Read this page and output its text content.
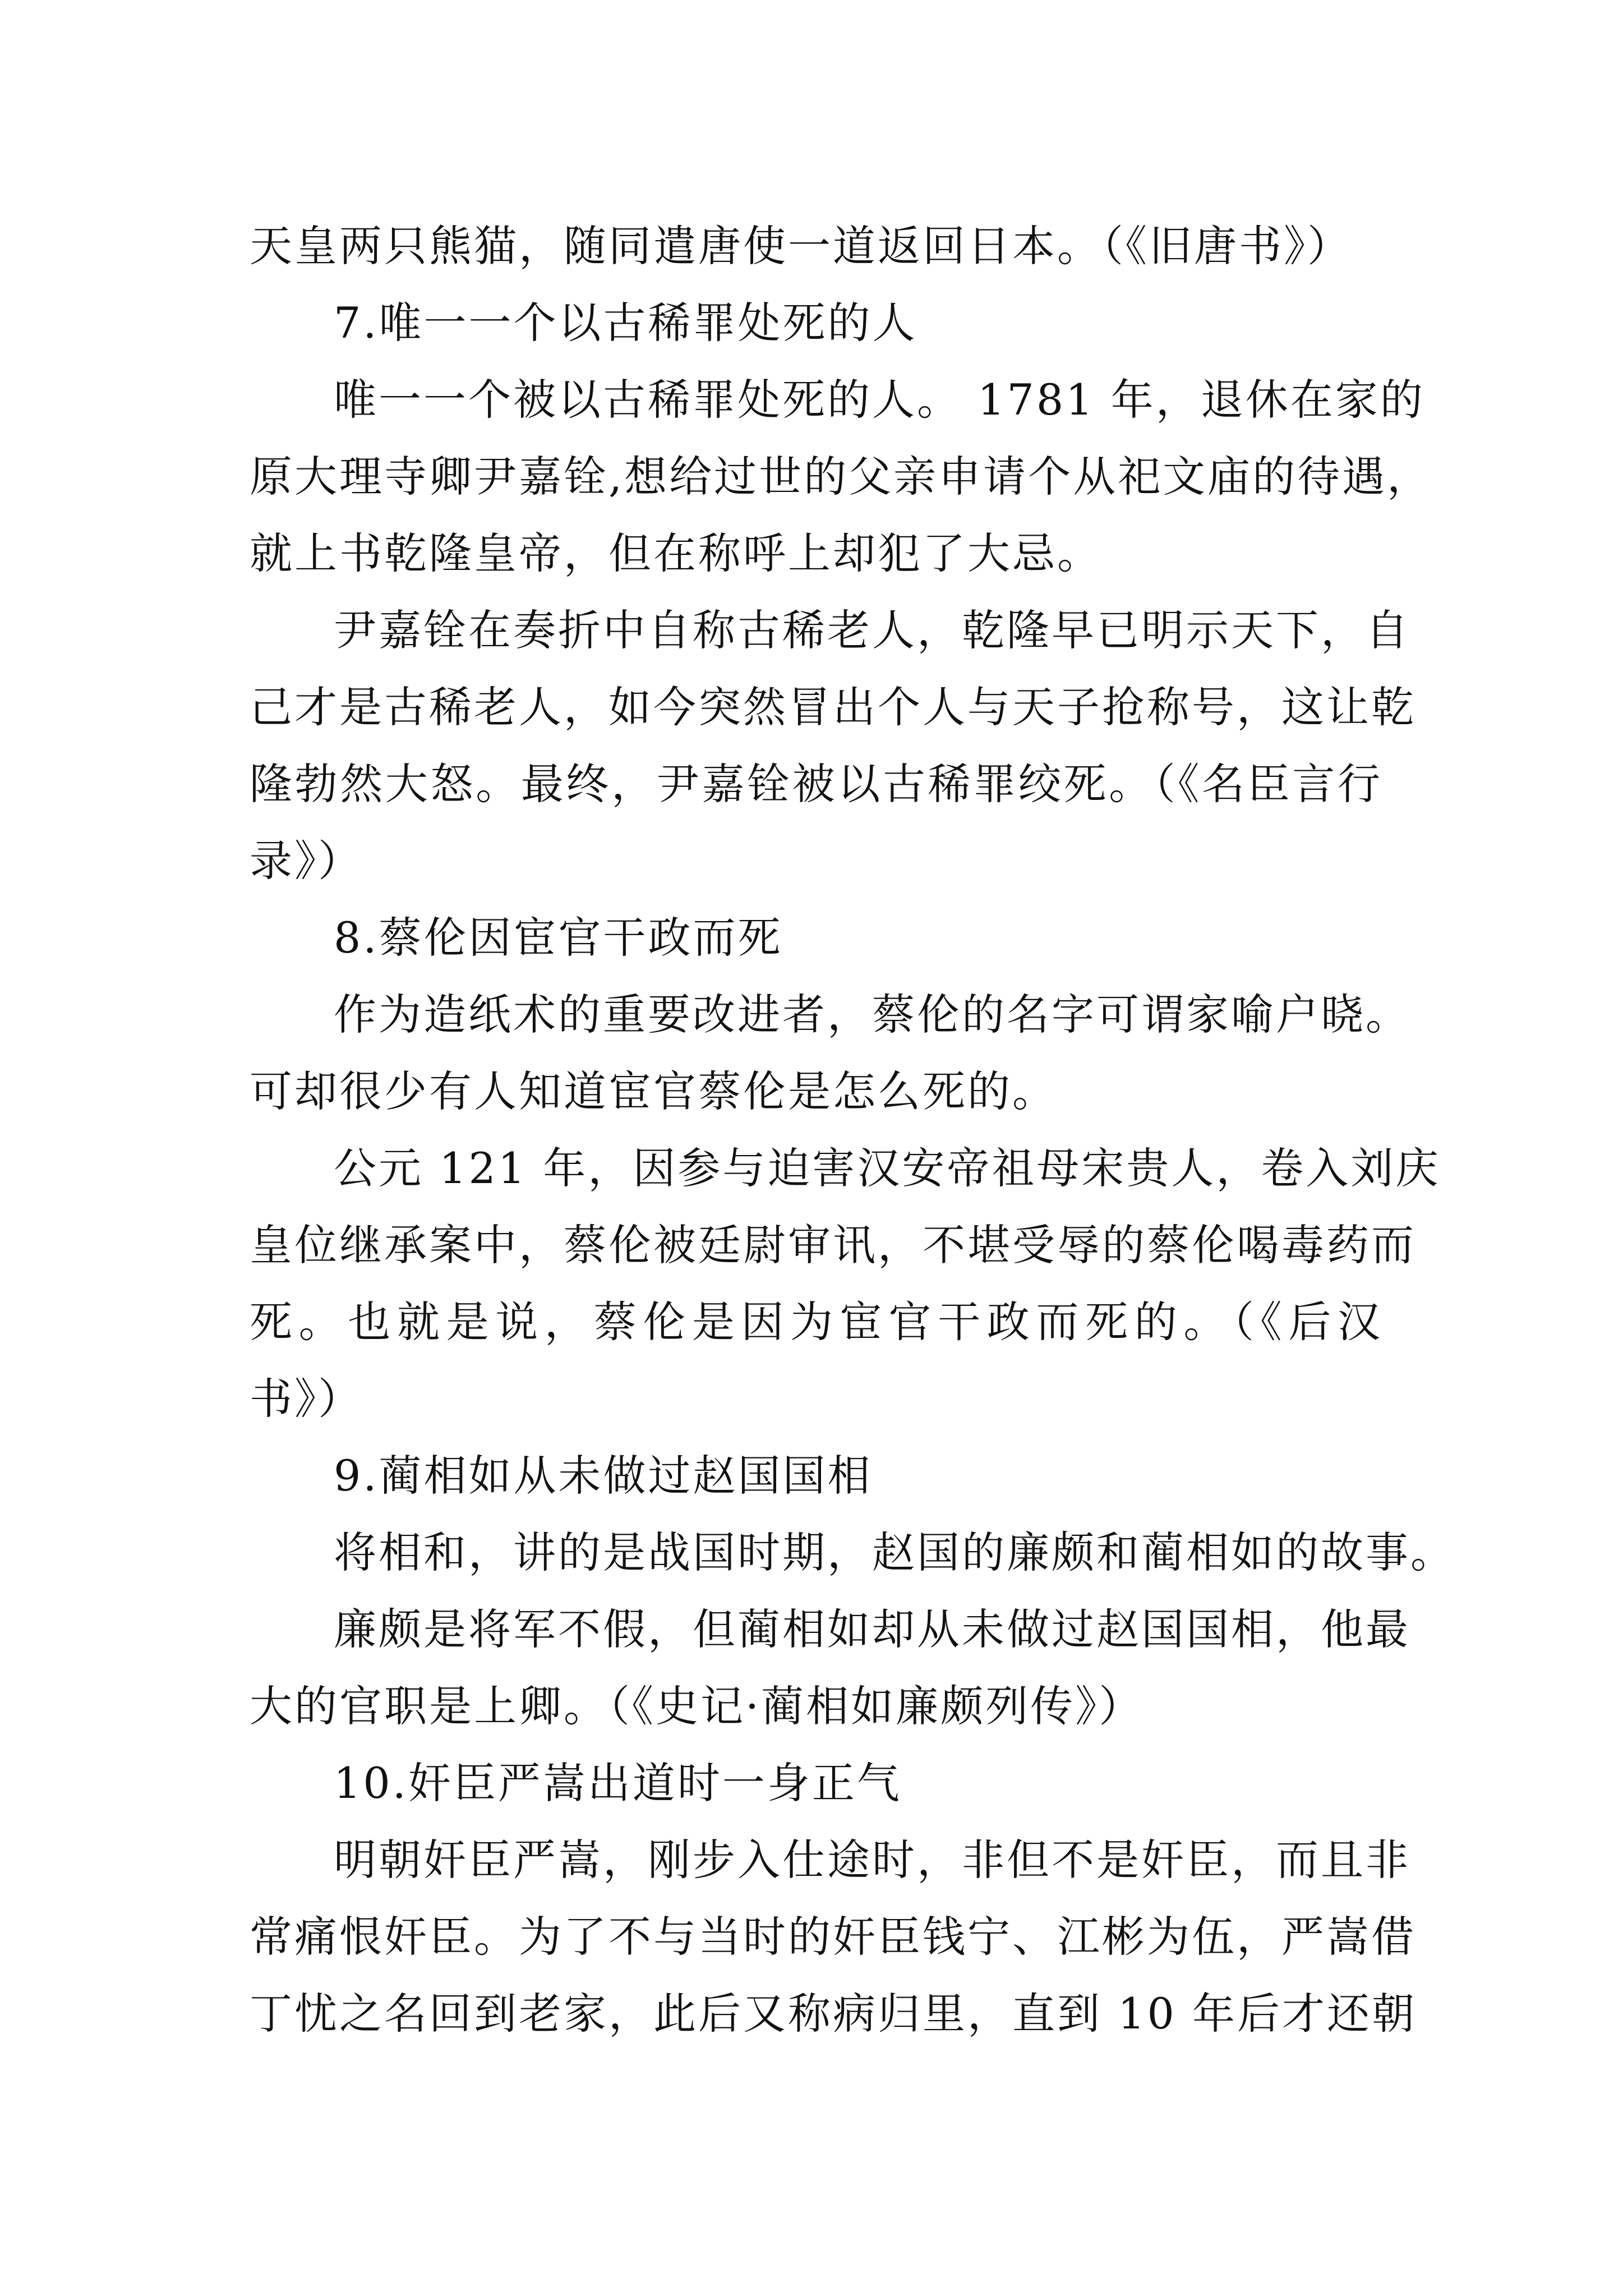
天皇两只熊猫，随同遣唐使一道返回日本。（《旧唐书》）
7.唯一一个以古稀罪处死的人
唯一一个被以古稀罪处死的人。 1781 年，退休在家的
原大理寺卿尹嘉铨,想给过世的父亲申请个从祀文庙的待遇，
就上书乾隆皇帝，但在称呼上却犯了大忌。
尹嘉铨在奏折中自称古稀老人，乾隆早已明示天下，自
己才是古稀老人，如今突然冒出个人与天子抢称号，这让乾
隆勃然大怒。最终，尹嘉铨被以古稀罪绞死。（《名臣言行
录》）
8.蔡伦因宦官干政而死
作为造纸术的重要改进者，蔡伦的名字可谓家喻户晓。
可却很少有人知道宦官蔡伦是怎么死的。
公元 121 年，因参与迫害汉安帝祖母宋贵人，卷入刘庆
皇位继承案中，蔡伦被廷尉审讯，不堪受辱的蔡伦喝毒药而
死。也就是说，蔡伦是因为宦官干政而死的。（《后汉
书》）
9.蔺相如从未做过赵国国相
将相和，讲的是战国时期，赵国的廉颇和蔺相如的故事。
廉颇是将军不假，但蔺相如却从未做过赵国国相，他最
大的官职是上卿。（《史记·蔺相如廉颇列传》）
10.奸臣严嵩出道时一身正气
明朝奸臣严嵩，刚步入仕途时，非但不是奸臣，而且非
常痛恨奸臣。为了不与当时的奸臣钱宁、江彬为伍，严嵩借
丁忧之名回到老家，此后又称病归里，直到 10 年后才还朝
